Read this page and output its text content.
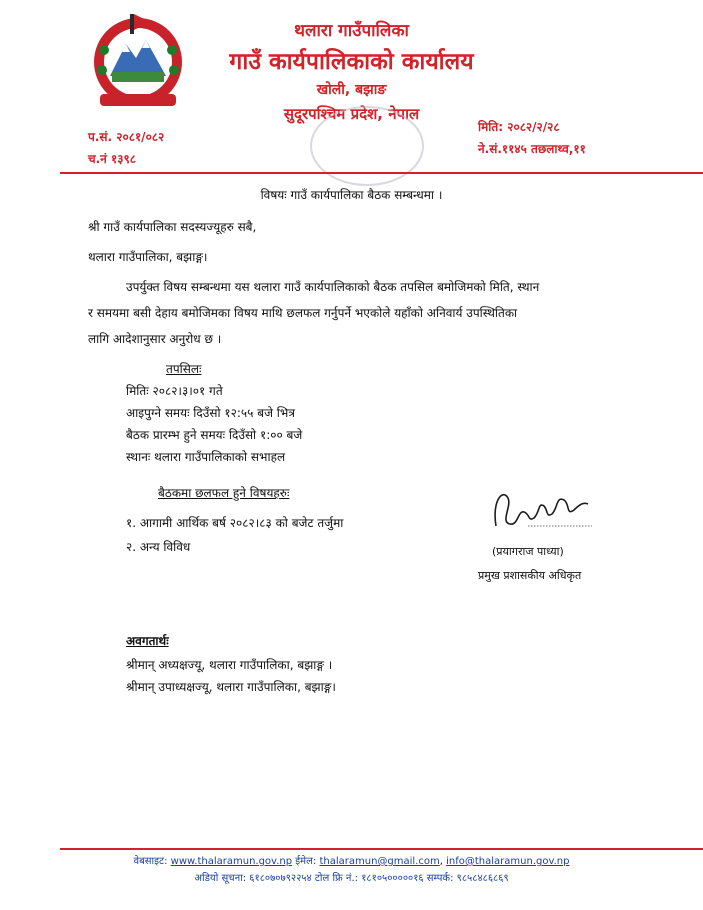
थलारा गाउँपालिका
गाउँ कार्यपालिकाको कार्यालय
खोली, बझाङ
सुदूरपश्चिम प्रदेश, नेपाल
प.सं. २०८१/०८२
च.नं १३९८
मिति: २०८२/२/२८
ने.सं.११४५ तछलाथ्व,११
विषयः गाउँ कार्यपालिका बैठक सम्बन्धमा ।
श्री गाउँ कार्यपालिका सदस्यज्यूहरु सबै,
थलारा गाउँपालिका, बझाङ्ग।
उपर्युक्त विषय सम्बन्धमा यस थलारा गाउँ कार्यपालिकाको बैठक तपसिल बमोजिमको मिति, स्थान
र समयमा बसी देहाय बमोजिमका विषय माथि छलफल गर्नुपर्ने भएकोले यहाँको अनिवार्य उपस्थितिका
लागि आदेशानुसार अनुरोध छ ।
तपसिलः
मितिः २०८२।३।०१ गते
आइपुग्ने समयः दिउँसो १२:५५ बजे भित्र
बैठक प्रारम्भ हुने समयः दिउँसो १:०० बजे
स्थानः थलारा गाउँपालिकाको सभाहल
बैठकमा छलफल हुने विषयहरुः
१. आगामी आर्थिक बर्ष २०८२।८३ को बजेट तर्जुमा
२. अन्य विविध	(प्रयागराज पाध्या)
प्रमुख प्रशासकीय अधिकृत
अवगतार्थः
श्रीमान् अध्यक्षज्यू, थलारा गाउँपालिका, बझाङ्ग ।
श्रीमान् उपाध्यक्षज्यू, थलारा गाउँपालिका, बझाङ्ग।
वेबसाइट: www.thalaramun.gov.np ईमेल: thalaramun@gmail.com, info@thalaramun.gov.np
अडियो सूचना: ६१८०७०७९२२५४ टोल फ्रि नं.: १८१०५०००००१६ सम्पर्क: ९८५८४८६८६९
